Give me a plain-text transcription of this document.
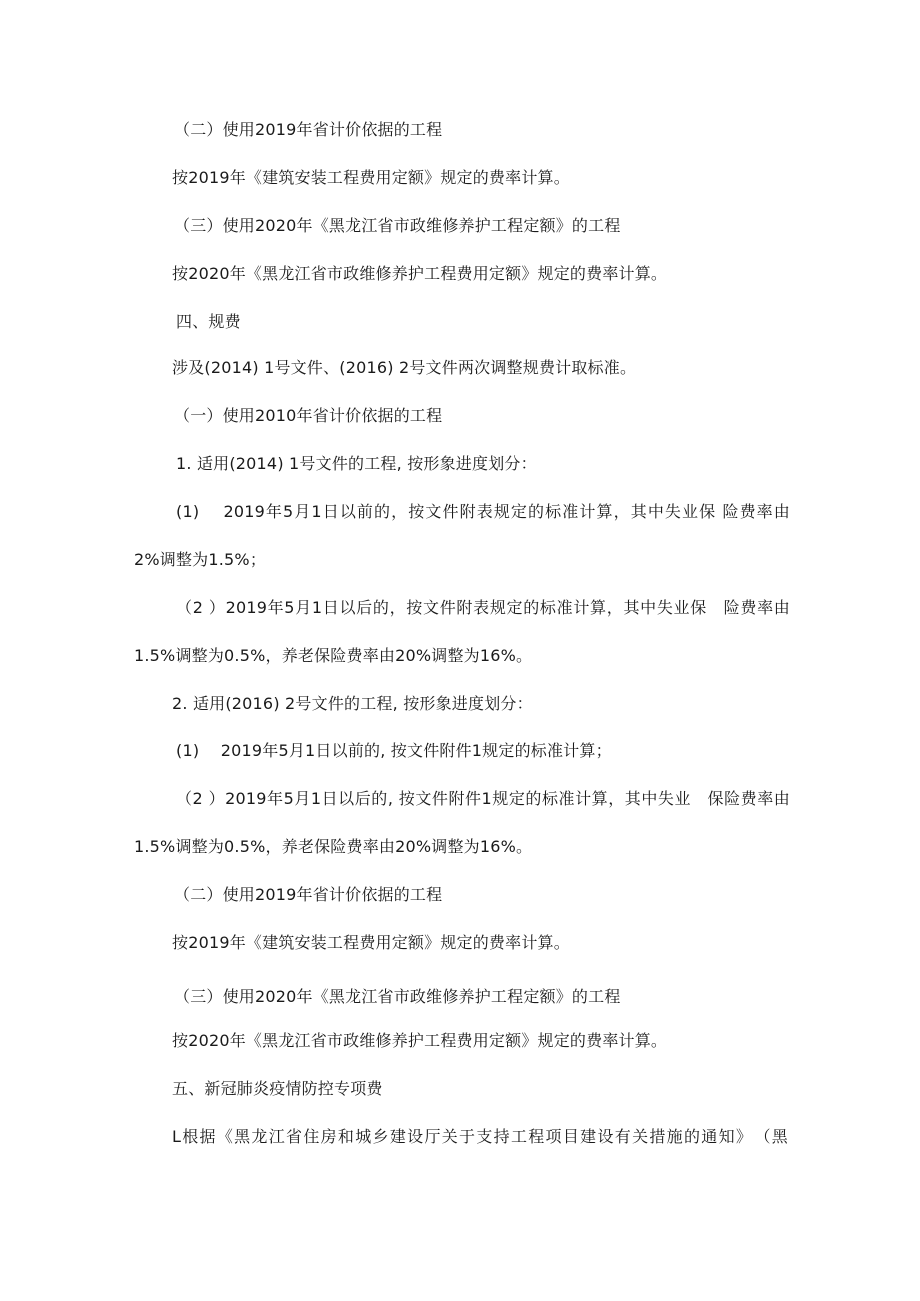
（二）使用2019年省计价依据的工程
按2019年《建筑安装工程费用定额》规定的费率计算。
（三）使用2020年《黑龙江省市政维修养护工程定额》的工程
按2020年《黑龙江省市政维修养护工程费用定额》规定的费率计算。
四、规费
涉及(2014) 1号文件、(2016) 2号文件两次调整规费计取标准。
（一）使用2010年省计价依据的工程
1. 适用(2014) 1号文件的工程, 按形象进度划分：
(1)　 2019年5月1日以前的，按文件附表规定的标准计算，其中失业保 险费率由
2%调整为1.5%；
（2 ）2019年5月1日以后的，按文件附表规定的标准计算，其中失业保　险费率由
1.5%调整为0.5%，养老保险费率由20%调整为16%。
2. 适用(2016) 2号文件的工程, 按形象进度划分：
(1)　 2019年5月1日以前的, 按文件附件1规定的标准计算；
（2 ）2019年5月1日以后的, 按文件附件1规定的标准计算，其中失业　保险费率由
1.5%调整为0.5%，养老保险费率由20%调整为16%。
（二）使用2019年省计价依据的工程
按2019年《建筑安装工程费用定额》规定的费率计算。
（三）使用2020年《黑龙江省市政维修养护工程定额》的工程
按2020年《黑龙江省市政维修养护工程费用定额》规定的费率计算。
五、新冠肺炎疫情防控专项费
L根据《黑龙江省住房和城乡建设厅关于支持工程项目建设有关措施的通知》　（黑
